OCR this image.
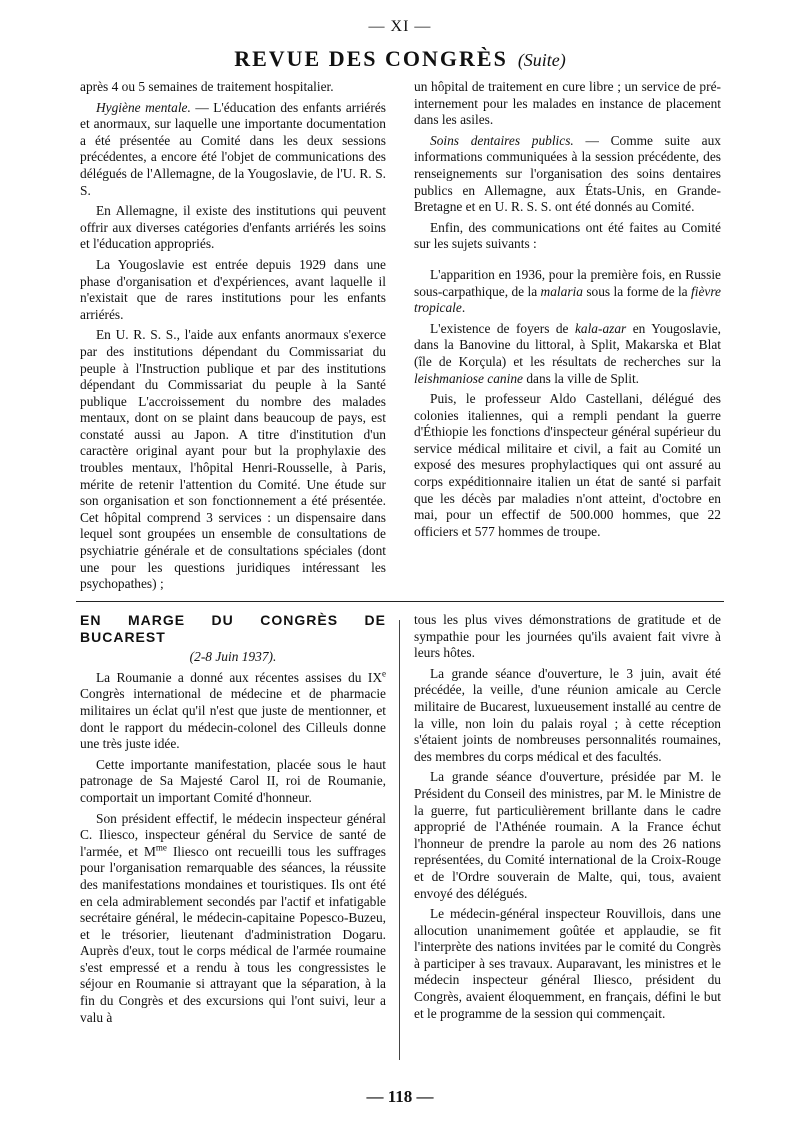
— XI —
REVUE DES CONGRÈS (Suite)

après 4 ou 5 semaines de traitement hospitalier.

Hygiène mentale. — L'éducation des enfants arriérés et anormaux, sur laquelle une importante documentation a été présentée au Comité dans les deux sessions précédentes, a encore été l'objet de communications des délégués de l'Allemagne, de la Yougoslavie, de l'U. R. S. S.

En Allemagne, il existe des institutions qui peuvent offrir aux diverses catégories d'enfants arriérés les soins et l'éducation appropriés.

La Yougoslavie est entrée depuis 1929 dans une phase d'organisation et d'expériences, avant laquelle il n'existait que de rares institutions pour les enfants arriérés.

En U. R. S. S., l'aide aux enfants anormaux s'exerce par des institutions dépendant du Commissariat du peuple à l'Instruction publique et par des institutions dépendant du Commissariat du peuple à la Santé publique L'accroissement du nombre des malades mentaux, dont on se plaint dans beaucoup de pays, est constaté aussi au Japon. A titre d'institution d'un caractère original ayant pour but la prophylaxie des troubles mentaux, l'hôpital Henri-Rousselle, à Paris, mérite de retenir l'attention du Comité. Une étude sur son organisation et son fonctionnement a été présentée. Cet hôpital comprend 3 services : un dispensaire dans lequel sont groupées un ensemble de consultations de psychiatrie générale et de consultations spéciales (dont une pour les questions juridiques intéressant les psychopathes) ;

un hôpital de traitement en cure libre ; un service de pré-internement pour les malades en instance de placement dans les asiles.

Soins dentaires publics. — Comme suite aux informations communiquées à la session précédente, des renseignements sur l'organisation des soins dentaires publics en Allemagne, aux États-Unis, en Grande-Bretagne et en U. R. S. S. ont été donnés au Comité.

Enfin, des communications ont été faites au Comité sur les sujets suivants :

L'apparition en 1936, pour la première fois, en Russie sous-carpathique, de la malaria sous la forme de la fièvre tropicale.

L'existence de foyers de kala-azar en Yougoslavie, dans la Banovine du littoral, à Split, Makarska et Blat (île de Korçula) et les résultats de recherches sur la leishmaniose canine dans la ville de Split.

Puis, le professeur Aldo Castellani, délégué des colonies italiennes, qui a rempli pendant la guerre d'Éthiopie les fonctions d'inspecteur général supérieur du service médical militaire et civil, a fait au Comité un exposé des mesures prophylactiques qui ont assuré au corps expéditionnaire italien un état de santé si parfait que les décès par maladies n'ont atteint, d'octobre en mai, pour un effectif de 500.000 hommes, que 22 officiers et 577 hommes de troupe.

EN MARGE DU CONGRÈS DE BUCAREST

(2-8 Juin 1937).

La Roumanie a donné aux récentes assises du IXe Congrès international de médecine et de pharmacie militaires un éclat qu'il n'est que juste de mentionner, et dont le rapport du médecin-colonel des Cilleuls donne une très juste idée.

Cette importante manifestation, placée sous le haut patronage de Sa Majesté Carol II, roi de Roumanie, comportait un important Comité d'honneur.

Son président effectif, le médecin inspecteur général C. Iliesco, inspecteur général du Service de santé de l'armée, et $M^{me}$ Iliesco ont recueilli tous les suffrages pour l'organisation remarquable des séances, la réussite des manifestations mondaines et touristiques. Ils ont été en cela admirablement secondés par l'actif et infatigable secrétaire général, le médecin-capitaine Popesco-Buzeu, et le trésorier, lieutenant d'administration Dogaru. Auprès d'eux, tout le corps médical de l'armée roumaine s'est empressé et a rendu à tous les congressistes le séjour en Roumanie si attrayant que la séparation, à la fin du Congrès et des excursions qui l'ont suivi, leur a valu à

tous les plus vives démonstrations de gratitude et de sympathie pour les journées qu'ils avaient fait vivre à leurs hôtes.

La grande séance d'ouverture, le 3 juin, avait été précédée, la veille, d'une réunion amicale au Cercle militaire de Bucarest, luxueusement installé au centre de la ville, non loin du palais royal ; à cette réception s'étaient joints de nombreuses personnalités roumaines, des membres du corps médical et des facultés.

La grande séance d'ouverture, présidée par M. le Président du Conseil des ministres, par M. le Ministre de la guerre, fut particulièrement brillante dans le cadre approprié de l'Athénée roumain. A la France échut l'honneur de prendre la parole au nom des 26 nations représentées, du Comité international de la Croix-Rouge et de l'Ordre souverain de Malte, qui, tous, avaient envoyé des délégués.

Le médecin-général inspecteur Rouvillois, dans une allocution unanimement goûtée et applaudie, se fit l'interprète des nations invitées par le comité du Congrès à participer à ses travaux. Auparavant, les ministres et le médecin inspecteur général Iliesco, président du Congrès, avaient éloquemment, en français, défini le but et le programme de la session qui commençait.

— 118 —
